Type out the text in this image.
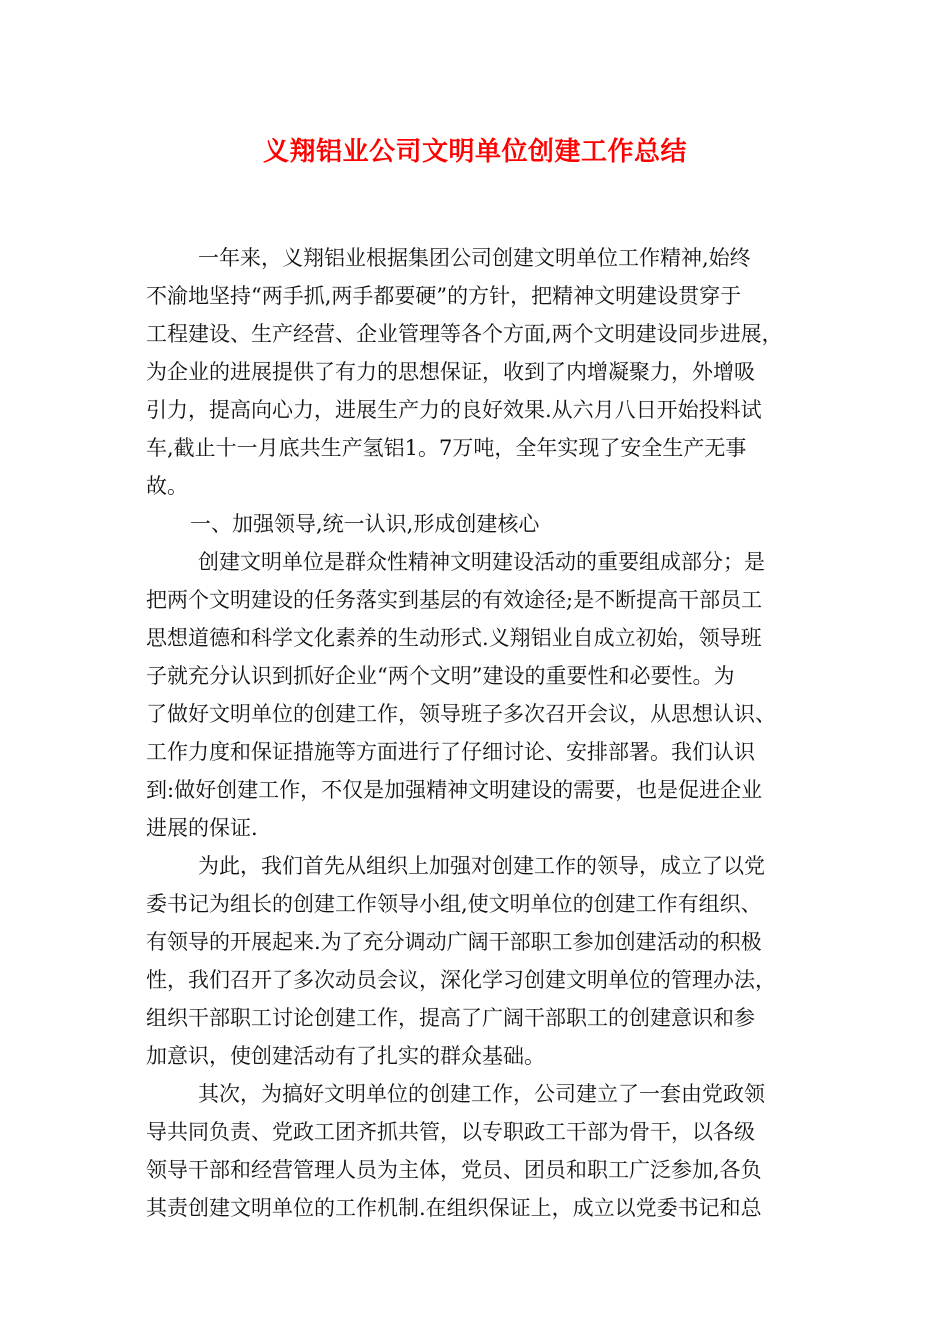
义翔铝业公司文明单位创建工作总结

一年来，义翔铝业根据集团公司创建文明单位工作精神,始终

不渝地坚持“两手抓,两手都要硬”的方针，把精神文明建设贯穿于

工程建设、生产经营、企业管理等各个方面,两个文明建设同步进展，

为企业的进展提供了有力的思想保证，收到了内增凝聚力，外增吸

引力，提高向心力，进展生产力的良好效果.从六月八日开始投料试

车,截止十一月底共生产氢铝1。7万吨，全年实现了安全生产无事

故。

一、加强领导,统一认识,形成创建核心

创建文明单位是群众性精神文明建设活动的重要组成部分；是

把两个文明建设的任务落实到基层的有效途径;是不断提高干部员工

思想道德和科学文化素养的生动形式.义翔铝业自成立初始，领导班

子就充分认识到抓好企业“两个文明”建设的重要性和必要性。为

了做好文明单位的创建工作，领导班子多次召开会议，从思想认识、

工作力度和保证措施等方面进行了仔细讨论、安排部署。我们认识

到:做好创建工作，不仅是加强精神文明建设的需要，也是促进企业

进展的保证.

为此，我们首先从组织上加强对创建工作的领导，成立了以党

委书记为组长的创建工作领导小组,使文明单位的创建工作有组织、

有领导的开展起来.为了充分调动广阔干部职工参加创建活动的积极

性，我们召开了多次动员会议，深化学习创建文明单位的管理办法，

组织干部职工讨论创建工作，提高了广阔干部职工的创建意识和参

加意识，使创建活动有了扎实的群众基础。

其次，为搞好文明单位的创建工作，公司建立了一套由党政领

导共同负责、党政工团齐抓共管，以专职政工干部为骨干，以各级

领导干部和经营管理人员为主体，党员、团员和职工广泛参加,各负

其责创建文明单位的工作机制.在组织保证上，成立以党委书记和总
